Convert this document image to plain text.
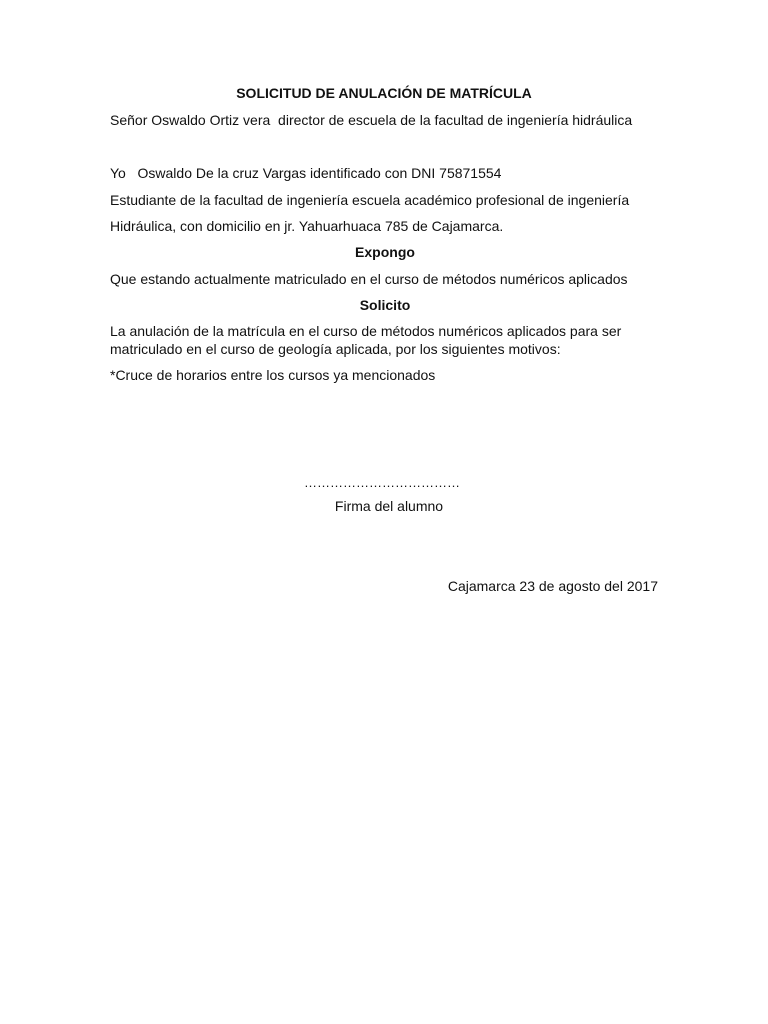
SOLICITUD DE ANULACIÓN DE MATRÍCULA
Señor Oswaldo Ortiz vera  director de escuela de la facultad de ingeniería hidráulica
Yo   Oswaldo De la cruz Vargas identificado con DNI 75871554
Estudiante de la facultad de ingeniería escuela académico profesional de ingeniería
Hidráulica, con domicilio en jr. Yahuarhuaca 785 de Cajamarca.
Expongo
Que estando actualmente matriculado en el curso de métodos numéricos aplicados
Solicito
La anulación de la matrícula en el curso de métodos numéricos aplicados para ser
matriculado en el curso de geología aplicada, por los siguientes motivos:
*Cruce de horarios entre los cursos ya mencionados
………………………………
Firma del alumno
Cajamarca 23 de agosto del 2017
